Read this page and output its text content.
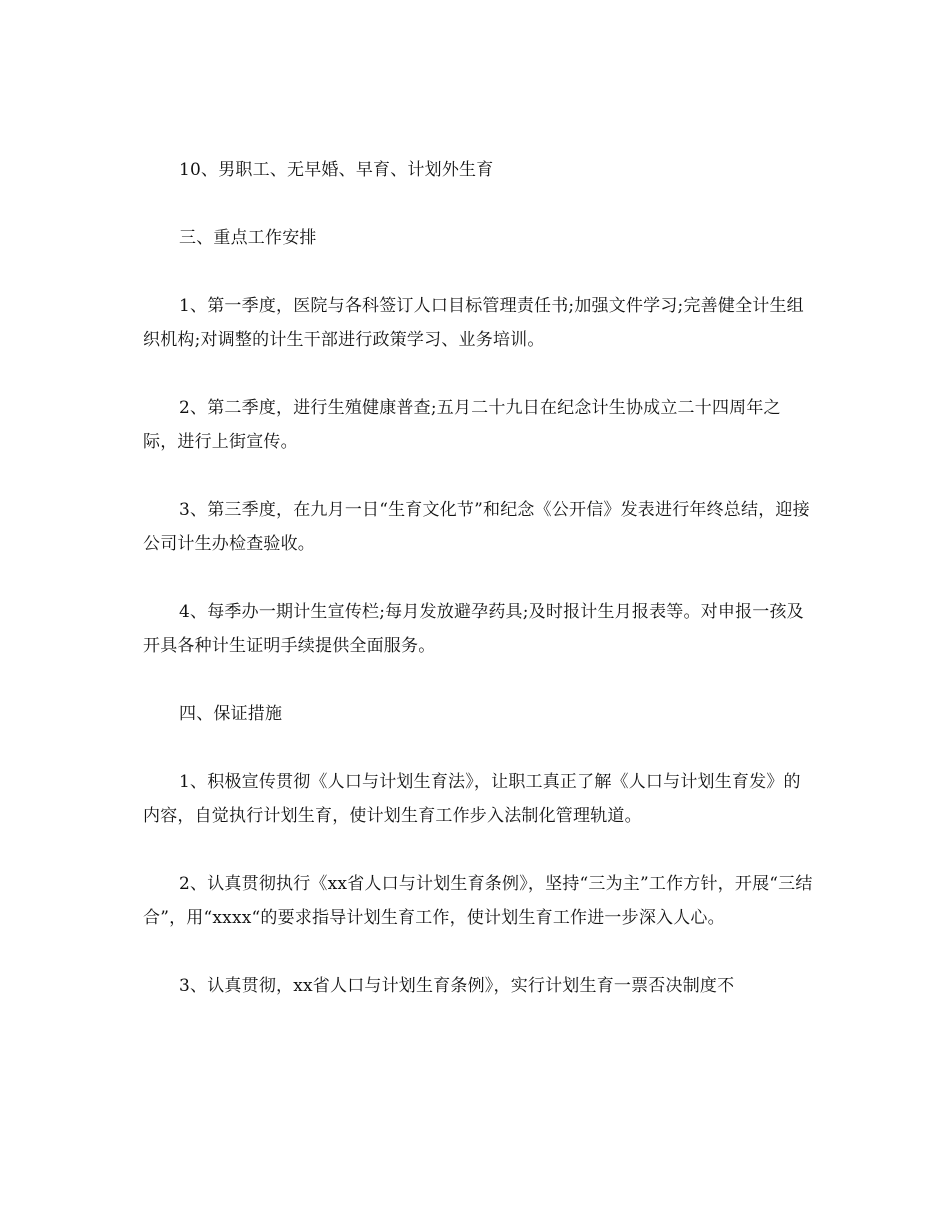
10、男职工、无早婚、早育、计划外生育

三、重点工作安排

1、第一季度，医院与各科签订人口目标管理责任书;加强文件学习;完善健全计生组织机构;对调整的计生干部进行政策学习、业务培训。

2、第二季度，进行生殖健康普查;五月二十九日在纪念计生协成立二十四周年之际，进行上街宣传。

3、第三季度，在九月一日“生育文化节”和纪念《公开信》发表进行年终总结，迎接公司计生办检查验收。

4、每季办一期计生宣传栏;每月发放避孕药具;及时报计生月报表等。对申报一孩及开具各种计生证明手续提供全面服务。

四、保证措施

1、积极宣传贯彻《人口与计划生育法》，让职工真正了解《人口与计划生育发》的内容，自觉执行计划生育，使计划生育工作步入法制化管理轨道。

2、认真贯彻执行《xx省人口与计划生育条例》，坚持“三为主”工作方针，开展“三结合”，用“xxxx“的要求指导计划生育工作，使计划生育工作进一步深入人心。

3、认真贯彻，xx省人口与计划生育条例》，实行计划生育一票否决制度不
